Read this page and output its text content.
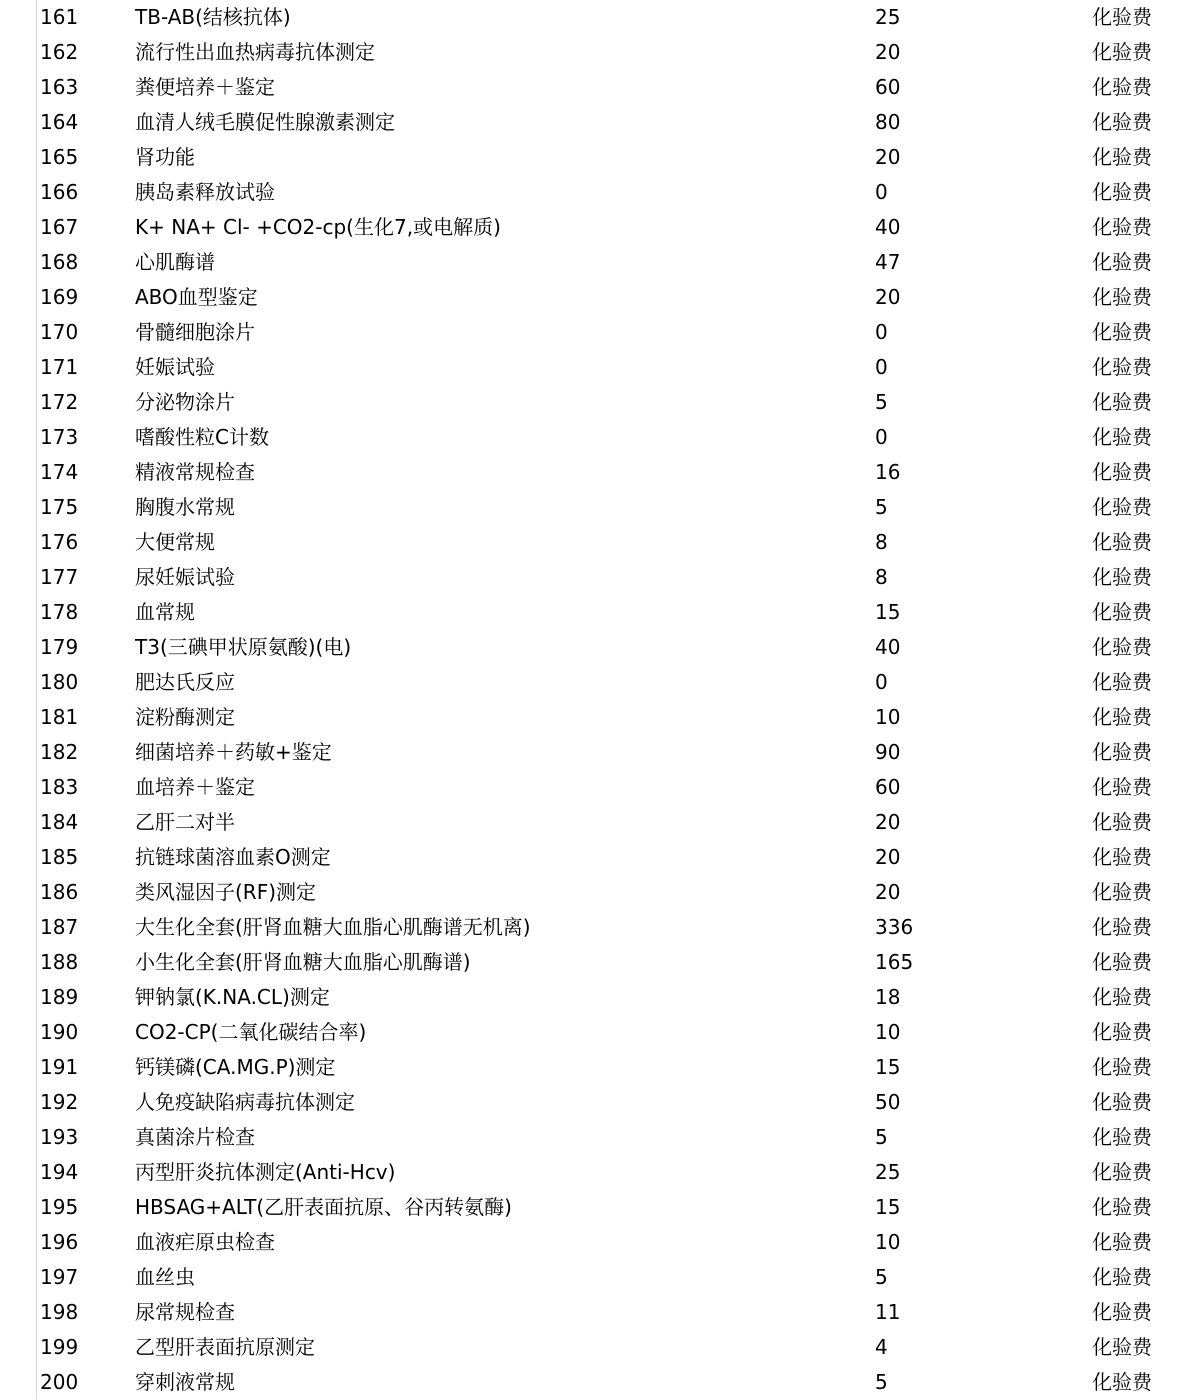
161	TB-AB(结核抗体)	25	化验费
162	流行性出血热病毒抗体测定	20	化验费
163	粪便培养＋鉴定	60	化验费
164	血清人绒毛膜促性腺激素测定	80	化验费
165	肾功能	20	化验费
166	胰岛素释放试验	0	化验费
167	K+ NA+ Cl- +CO2-cp(生化7,或电解质)	40	化验费
168	心肌酶谱	47	化验费
169	ABO血型鉴定	20	化验费
170	骨髓细胞涂片	0	化验费
171	妊娠试验	0	化验费
172	分泌物涂片	5	化验费
173	嗜酸性粒C计数	0	化验费
174	精液常规检查	16	化验费
175	胸腹水常规	5	化验费
176	大便常规	8	化验费
177	尿妊娠试验	8	化验费
178	血常规	15	化验费
179	T3(三碘甲状原氨酸)(电)	40	化验费
180	肥达氏反应	0	化验费
181	淀粉酶测定	10	化验费
182	细菌培养＋药敏+鉴定	90	化验费
183	血培养＋鉴定	60	化验费
184	乙肝二对半	20	化验费
185	抗链球菌溶血素O测定	20	化验费
186	类风湿因子(RF)测定	20	化验费
187	大生化全套(肝肾血糖大血脂心肌酶谱无机离)	336	化验费
188	小生化全套(肝肾血糖大血脂心肌酶谱)	165	化验费
189	钾钠氯(K.NA.CL)测定	18	化验费
190	CO2-CP(二氧化碳结合率)	10	化验费
191	钙镁磷(CA.MG.P)测定	15	化验费
192	人免疫缺陷病毒抗体测定	50	化验费
193	真菌涂片检查	5	化验费
194	丙型肝炎抗体测定(Anti-Hcv)	25	化验费
195	HBSAG+ALT(乙肝表面抗原、谷丙转氨酶)	15	化验费
196	血液疟原虫检查	10	化验费
197	血丝虫	5	化验费
198	尿常规检查	11	化验费
199	乙型肝表面抗原测定	4	化验费
200	穿刺液常规	5	化验费
